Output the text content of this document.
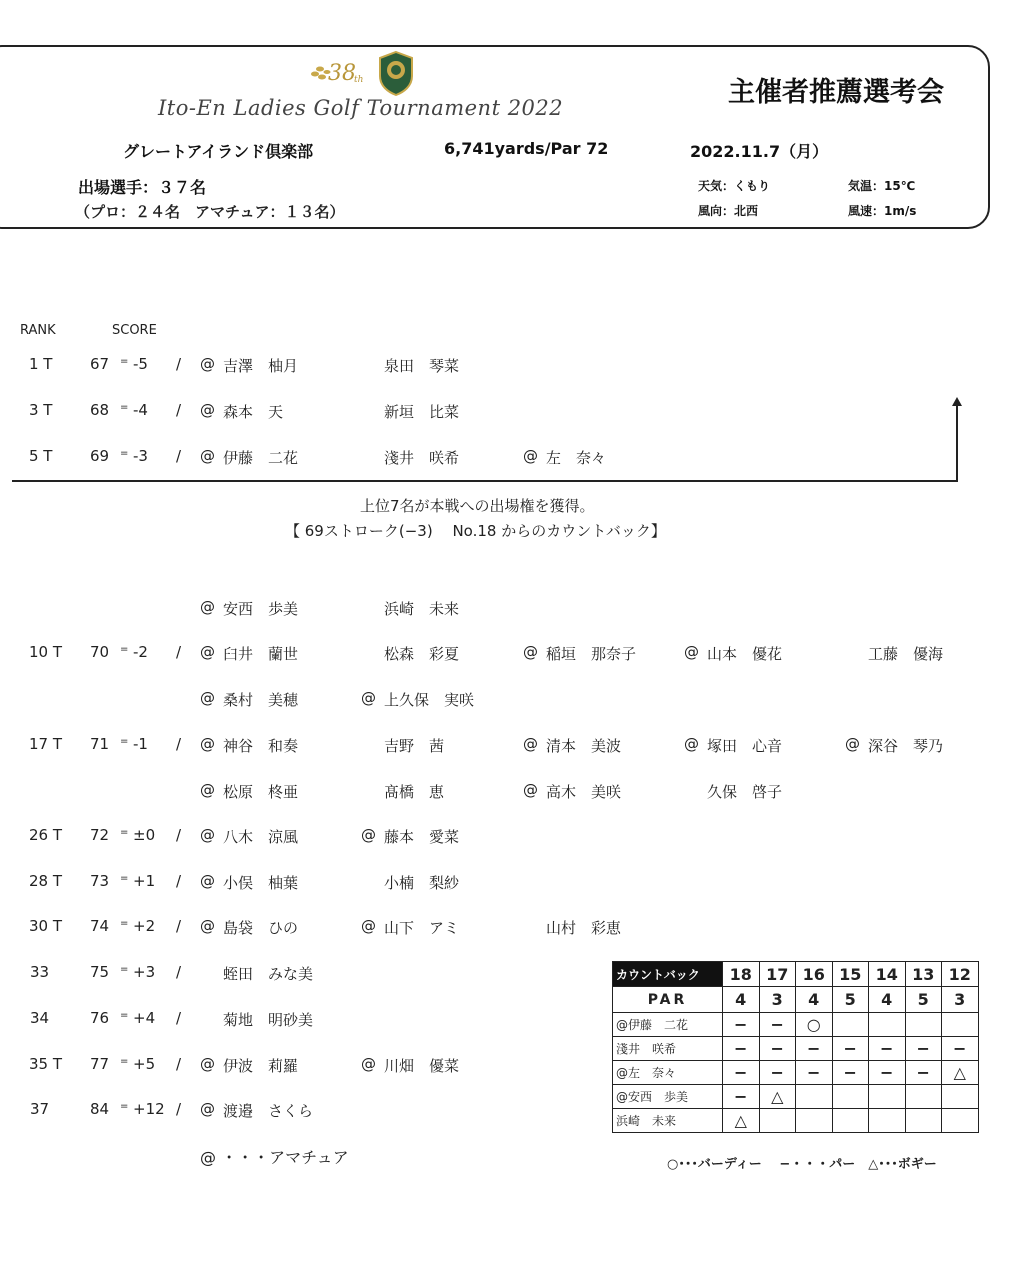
38
th
Ito-En Ladies Golf Tournament 2022	主催者推薦選考会
グレートアイランド倶楽部	6,741yards/Par 72	2022.11.7（月）
出場選手：３７名
（プロ：２４名　アマチュア：１３名）
天気：くもり	気温：15℃
風向：北西	風速：1m/s
RANK	SCORE
1 T	67 = -5 / @ 吉澤　柚月	泉田　琴菜
3 T	68 = -4 / @ 森本　天	新垣　比菜
5 T	69 = -3 / @ 伊藤　二花	淺井　咲希	@ 左　奈々
@ 安西　歩美	浜崎　未来
10 T 70 = -2 / @ 臼井　蘭世	松森　彩夏	@ 稲垣　那奈子	@ 山本　優花	工藤　優海
@ 桑村　美穂	@ 上久保　実咲
17 T 71 = -1 / @ 神谷　和奏	吉野　茜	@ 清本　美波	@ 塚田　心音	@ 深谷　琴乃
@ 松原　柊亜	髙橋　恵	@ 高木　美咲	久保　啓子
26 T 72 = ±0 / @ 八木　涼風	@ 藤本　愛菜
28 T 73 = +1 / @ 小俣　柚葉	小楠　梨紗
30 T 74 = +2 / @ 島袋　ひの	@ 山下　アミ	山村　彩恵
33	75 = +3 /	蛭田　みな美
34	76 = +4 /	菊地　明砂美
35 T 77 = +5 / @ 伊波　莉羅	@ 川畑　優菜
37	84 = +12 / @ 渡邉　さくら
上位7名が本戦への出場権を獲得。
【 69ストローク(−3)　 No.18 からのカウントバック】
@ ・・・アマチュア
カウントバック	18	17	16	15	14	13	12
PAR	4	3	4	5	4	5	3
@伊藤　二花	−	−	○				
淺井　咲希	−	−	−	−	−	−	−
@左　奈々	−	−	−	−	−	−	△
@安西　歩美	−	△					
浜崎　未来	△						
○･･･バーディー　 −・・・パー　△･･･ボギー
